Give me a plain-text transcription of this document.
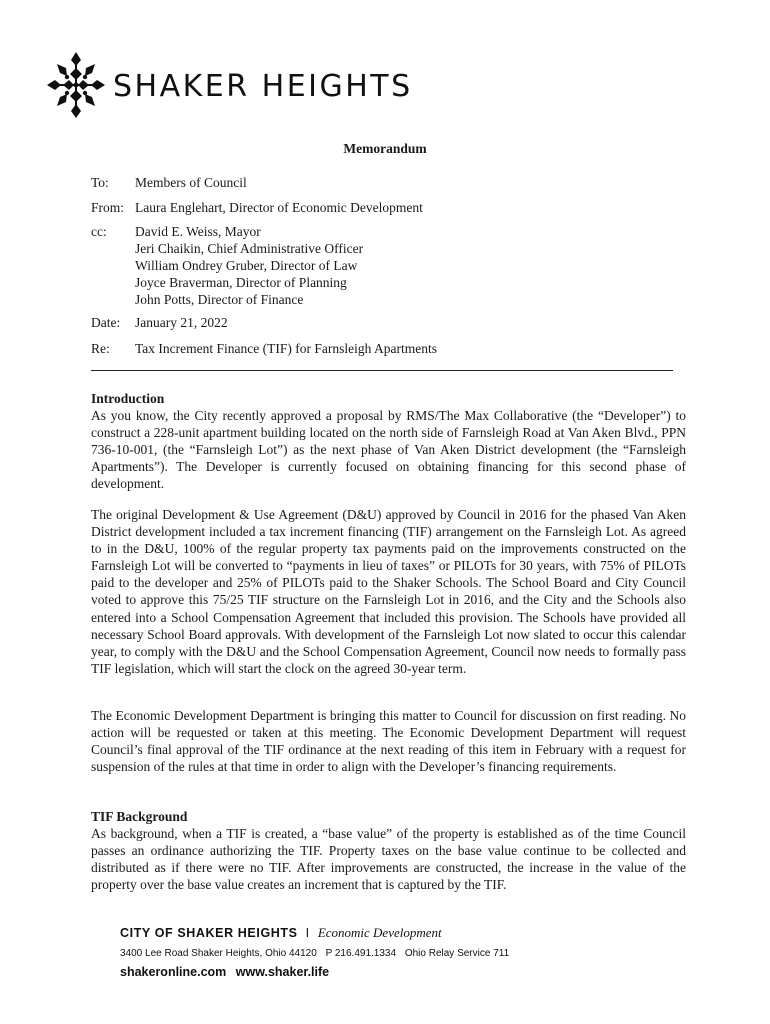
SHAKER HEIGHTS
Memorandum
To:	Members of Council
From: Laura Englehart, Director of Economic Development
cc:	David E. Weiss, Mayor
Jeri Chaikin, Chief Administrative Officer
William Ondrey Gruber, Director of Law
Joyce Braverman, Director of Planning
John Potts, Director of Finance
Date:	January 21, 2022
Re:	Tax Increment Finance (TIF) for Farnsleigh Apartments
Introduction

As you know, the City recently approved a proposal by RMS/The Max Collaborative (the “Developer”) to construct a 228-unit apartment building located on the north side of Farnsleigh Road at Van Aken Blvd., PPN 736-10-001, (the “Farnsleigh Lot”) as the next phase of Van Aken District development (the “Farnsleigh Apartments”). The Developer is currently focused on obtaining financing for this second phase of development.

The original Development & Use Agreement (D&U) approved by Council in 2016 for the phased Van Aken District development included a tax increment financing (TIF) arrangement on the Farnsleigh Lot. As agreed to in the D&U, 100% of the regular property tax payments paid on the improvements constructed on the Farnsleigh Lot will be converted to “payments in lieu of taxes” or PILOTs for 30 years, with 75% of PILOTs paid to the developer and 25% of PILOTs paid to the Shaker Schools. The School Board and City Council voted to approve this 75/25 TIF structure on the Farnsleigh Lot in 2016, and the City and the Schools also entered into a School Compensation Agreement that included this provision. The Schools have provided all necessary School Board approvals. With development of the Farnsleigh Lot now slated to occur this calendar year, to comply with the D&U and the School Compensation Agreement, Council now needs to formally pass TIF legislation, which will start the clock on the agreed 30-year term.

The Economic Development Department is bringing this matter to Council for discussion on first reading. No action will be requested or taken at this meeting. The Economic Development Department will request Council’s final approval of the TIF ordinance at the next reading of this item in February with a request for suspension of the rules at that time in order to align with the Developer’s financing requirements.

TIF Background

As background, when a TIF is created, a “base value” of the property is established as of the time Council passes an ordinance authorizing the TIF. Property taxes on the base value continue to be collected and distributed as if there were no TIF. After improvements are constructed, the increase in the value of the property over the base value creates an increment that is captured by the TIF.

CITY OF SHAKER HEIGHTS I Economic Development
3400 Lee Road Shaker Heights, Ohio 44120 P 216.491.1334 Ohio Relay Service 711
shakeronline.com www.shaker.life
